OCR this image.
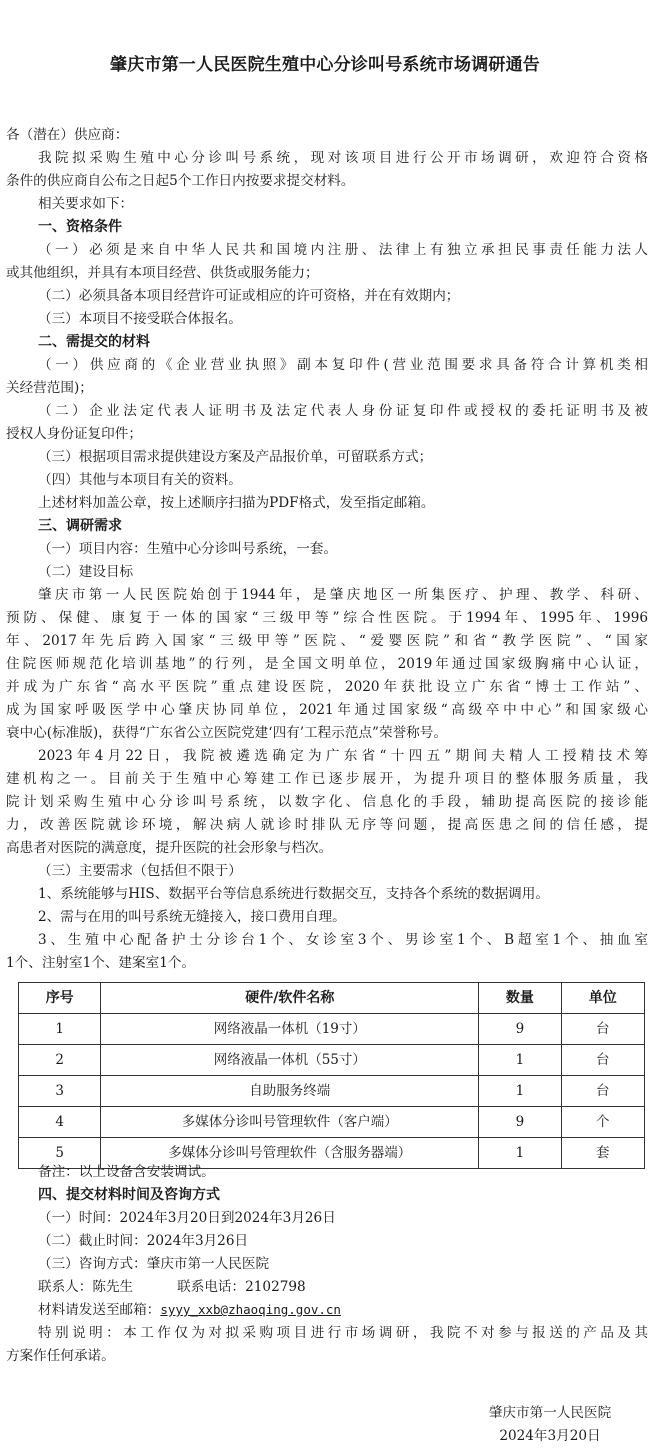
肇庆市第一人民医院生殖中心分诊叫号系统市场调研通告
各（潜在）供应商：
我院拟采购生殖中心分诊叫号系统，现对该项目进行公开市场调研，欢迎符合资格
条件的供应商自公布之日起5个工作日内按要求提交材料。
相关要求如下：
一、资格条件
（一）必须是来自中华人民共和国境内注册、法律上有独立承担民事责任能力法人
或其他组织，并具有本项目经营、供货或服务能力；
（二）必须具备本项目经营许可证或相应的许可资格，并在有效期内；
（三）本项目不接受联合体报名。
二、需提交的材料
（一）供应商的《企业营业执照》副本复印件(营业范围要求具备符合计算机类相
关经营范围)；
（二）企业法定代表人证明书及法定代表人身份证复印件或授权的委托证明书及被
授权人身份证复印件；
（三）根据项目需求提供建设方案及产品报价单，可留联系方式；
（四）其他与本项目有关的资料。
上述材料加盖公章，按上述顺序扫描为PDF格式，发至指定邮箱。
三、调研需求
（一）项目内容：生殖中心分诊叫号系统，一套。
（二）建设目标
肇庆市第一人民医院始创于1944年，是肇庆地区一所集医疗、护理、教学、科研、
预防、保健、康复于一体的国家“三级甲等”综合性医院。于1994年、1995年、1996
年、2017年先后跨入国家“三级甲等”医院、“爱婴医院”和省“教学医院”、“国家
住院医师规范化培训基地”的行列，是全国文明单位，2019年通过国家级胸痛中心认证，
并成为广东省“高水平医院”重点建设医院，2020年获批设立广东省“博士工作站”、
成为国家呼吸医学中心肇庆协同单位，2021年通过国家级“高级卒中中心”和国家级心
衰中心(标准版)，获得“广东省公立医院党建‘四有’工程示范点”荣誉称号。
2023年4月22日，我院被遴选确定为广东省“十四五”期间夫精人工授精技术筹
建机构之一。目前关于生殖中心筹建工作已逐步展开，为提升项目的整体服务质量，我
院计划采购生殖中心分诊叫号系统，以数字化、信息化的手段，辅助提高医院的接诊能
力，改善医院就诊环境，解决病人就诊时排队无序等问题，提高医患之间的信任感，提
高患者对医院的满意度，提升医院的社会形象与档次。
（三）主要需求（包括但不限于）
1、系统能够与HIS、数据平台等信息系统进行数据交互，支持各个系统的数据调用。
2、需与在用的叫号系统无缝接入，接口费用自理。
3、生殖中心配备护士分诊台1个、女诊室3个、男诊室1个、B超室1个、抽血室
1个、注射室1个、建案室1个。
序号	硬件/软件名称	数量	单位
1	网络液晶一体机（19寸）	9	台
2	网络液晶一体机（55寸）	1	台
3	自助服务终端	1	台
4	多媒体分诊叫号管理软件（客户端）	9	个
5	多媒体分诊叫号管理软件（含服务器端）	1	套
备注：以上设备含安装调试。
四、提交材料时间及咨询方式
（一）时间：2024年3月20日到2024年3月26日
（二）截止时间：2024年3月26日
（三）咨询方式：肇庆市第一人民医院
联系人：陈先生	联系电话：2102798
材料请发送至邮箱：syyy_xxb@zhaoqing.gov.cn
特别说明：本工作仅为对拟采购项目进行市场调研，我院不对参与报送的产品及其
方案作任何承诺。
肇庆市第一人民医院
2024年3月20日
